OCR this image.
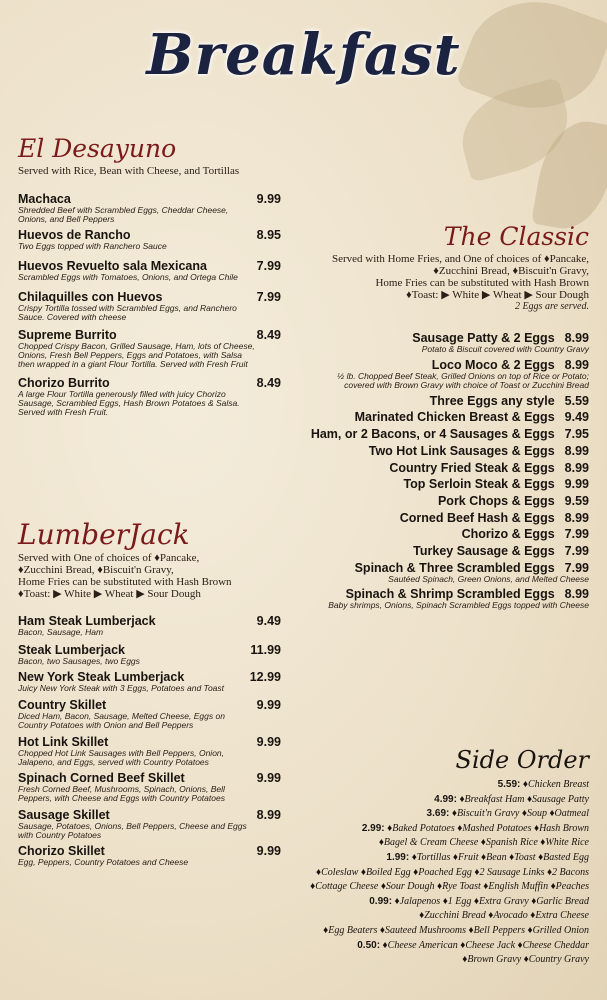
Breakfast
El Desayuno
Served with Rice, Bean with Cheese, and Tortillas
Machaca	9.99
Shredded Beef with Scrambled Eggs, Cheddar Cheese, Onions, and Bell Peppers
Huevos de Rancho	8.95
Two Eggs topped with Ranchero Sauce
Huevos Revuelto sala Mexicana	7.99
Scrambled Eggs with Tomatoes, Onions, and Ortega Chile
Chilaquilles con Huevos	7.99
Crispy Tortilla tossed with Scrambled Eggs, and Ranchero Sauce. Covered with cheese
Supreme Burrito	8.49
Chopped Crispy Bacon, Grilled Sausage, Ham, lots of Cheese, Onions, Fresh Bell Peppers, Eggs and Potatoes, with Salsa then wrapped in a giant Flour Tortilla. Served with Fresh Fruit
Chorizo Burrito	8.49
A large Flour Tortilla generously filled with juicy Chorizo Sausage, Scrambled Eggs, Hash Brown Potatoes & Salsa. Served with Fresh Fruit.
LumberJack
Served with One of choices of ♦Pancake,
♦Zucchini Bread, ♦Biscuit'n Gravy,
Home Fries can be substituted with Hash Brown
♦Toast: ▶ White ▶ Wheat ▶ Sour Dough
Ham Steak Lumberjack	9.49
Bacon, Sausage, Ham
Steak Lumberjack	11.99
Bacon, two Sausages, two Eggs
New York Steak Lumberjack	12.99
Juicy New York Steak with 3 Eggs, Potatoes and Toast
Country Skillet	9.99
Diced Ham, Bacon, Sausage, Melted Cheese, Eggs on Country Potatoes with Onion and Bell Peppers
Hot Link Skillet	9.99
Chopped Hot Link Sausages with Bell Peppers, Onion, Jalapeno, and Eggs, served with Country Potatoes
Spinach Corned Beef Skillet	9.99
Fresh Corned Beef, Mushrooms, Spinach, Onions, Bell Peppers, with Cheese and Eggs with Country Potatoes
Sausage Skillet	8.99
Sausage, Potatoes, Onions, Bell Peppers, Cheese and Eggs with Country Potatoes
Chorizo Skillet	9.99
Egg, Peppers, Country Potatoes and Cheese
The Classic
Served with Home Fries, and One of choices of ♦Pancake,
♦Zucchini Bread, ♦Biscuit'n Gravy,
Home Fries can be substituted with Hash Brown
♦Toast: ▶ White ▶ Wheat ▶ Sour Dough
2 Eggs are served.
Sausage Patty & 2 Eggs 8.99
Potato & Biscuit covered with Country Gravy
Loco Moco & 2 Eggs 8.99
½ lb. Chopped Beef Steak, Grilled Onions on top of Rice or Potato; covered with Brown Gravy with choice of Toast or Zucchini Bread
Three Eggs any style 5.59
Marinated Chicken Breast & Eggs 9.49
Ham, or 2 Bacons, or 4 Sausages & Eggs 7.95
Two Hot Link Sausages & Eggs 8.99
Country Fried Steak & Eggs 8.99
Top Serloin Steak & Eggs 9.99
Pork Chops & Eggs 9.59
Corned Beef Hash & Eggs 8.99
Chorizo & Eggs 7.99
Turkey Sausage & Eggs 7.99
Spinach & Three Scrambled Eggs 7.99
Sautéed Spinach, Green Onions, and Melted Cheese
Spinach & Shrimp Scrambled Eggs 8.99
Baby shrimps, Onions, Spinach Scrambled Eggs topped with Cheese
Side Order
5.59: ♦Chicken Breast
4.99: ♦Breakfast Ham ♦Sausage Patty
3.69: ♦Biscuit'n Gravy ♦Soup ♦Oatmeal
2.99: ♦Baked Potatoes ♦Mashed Potatoes ♦Hash Brown
♦Bagel & Cream Cheese ♦Spanish Rice ♦White Rice
1.99: ♦Tortillas ♦Fruit ♦Bean ♦Toast ♦Basted Egg
♦Coleslaw ♦Boiled Egg ♦Poached Egg ♦2 Sausage Links ♦2 Bacons
♦Cottage Cheese ♦Sour Dough ♦Rye Toast ♦English Muffin ♦Peaches
0.99: ♦Jalapenos ♦1 Egg ♦Extra Gravy ♦Garlic Bread
♦Zucchini Bread ♦Avocado ♦Extra Cheese
♦Egg Beaters ♦Sauteed Mushrooms ♦Bell Peppers ♦Grilled Onion
0.50: ♦Cheese American ♦Cheese Jack ♦Cheese Cheddar
♦Brown Gravy ♦Country Gravy
